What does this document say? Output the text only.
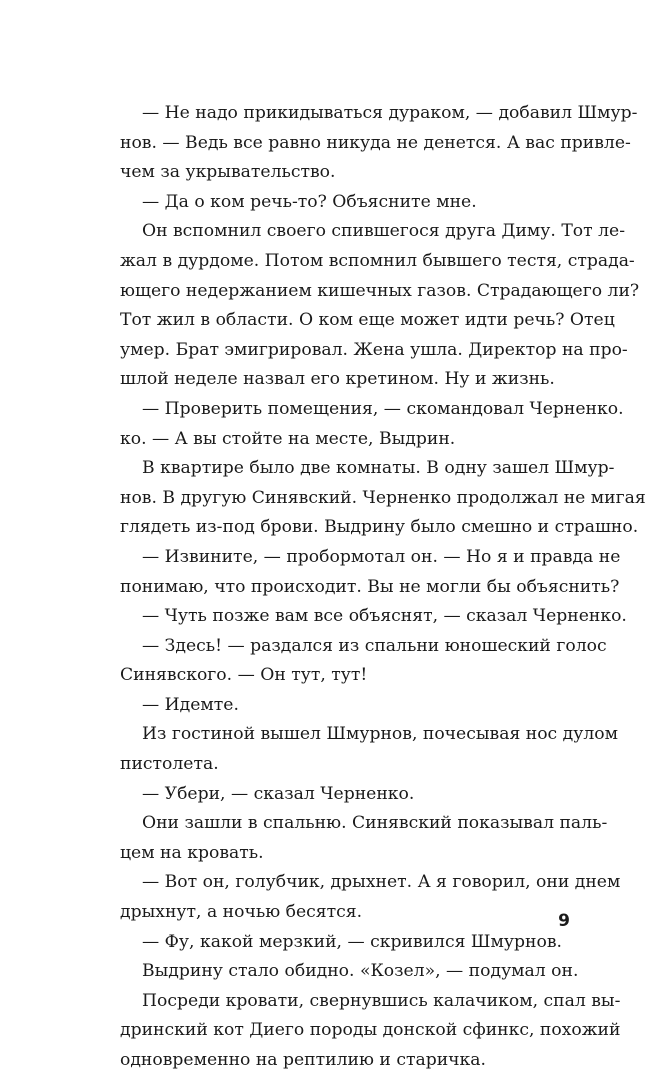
— Не надо прикидываться дураком, — добавил Шмур-
нов. — Ведь все равно никуда не денется. А вас привле-
чем за укрывательство.
— Да о ком речь-то? Объясните мне.
Он вспомнил своего спившегося друга Диму. Тот ле-
жал в дурдоме. Потом вспомнил бывшего тестя, страда-
ющего недержанием кишечных газов. Страдающего ли?
Тот жил в области. О ком еще может идти речь? Отец
умер. Брат эмигрировал. Жена ушла. Директор на про-
шлой неделе назвал его кретином. Ну и жизнь.
— Проверить помещения, — скомандовал Черненко.
ко. — А вы стойте на месте, Выдрин.
В квартире было две комнаты. В одну зашел Шмур-
нов. В другую Синявский. Черненко продолжал не мигая
глядеть из-под брови. Выдрину было смешно и страшно.
— Извините, — пробормотал он. — Но я и правда не
понимаю, что происходит. Вы не могли бы объяснить?
— Чуть позже вам все объяснят, — сказал Черненко.
— Здесь! — раздался из спальни юношеский голос
Синявского. — Он тут, тут!
— Идемте.
Из гостиной вышел Шмурнов, почесывая нос дулом
пистолета.
— Убери, — сказал Черненко.
Они зашли в спальню. Синявский показывал паль-
цем на кровать.
— Вот он, голубчик, дрыхнет. А я говорил, они днем
дрыхнут, а ночью бесятся.
— Фу, какой мерзкий, — скривился Шмурнов.
Выдрину стало обидно. «Козел», — подумал он.
Посреди кровати, свернувшись калачиком, спал вы-
дринский кот Диего породы донской сфинкс, похожий
одновременно на рептилию и старичка.
9
